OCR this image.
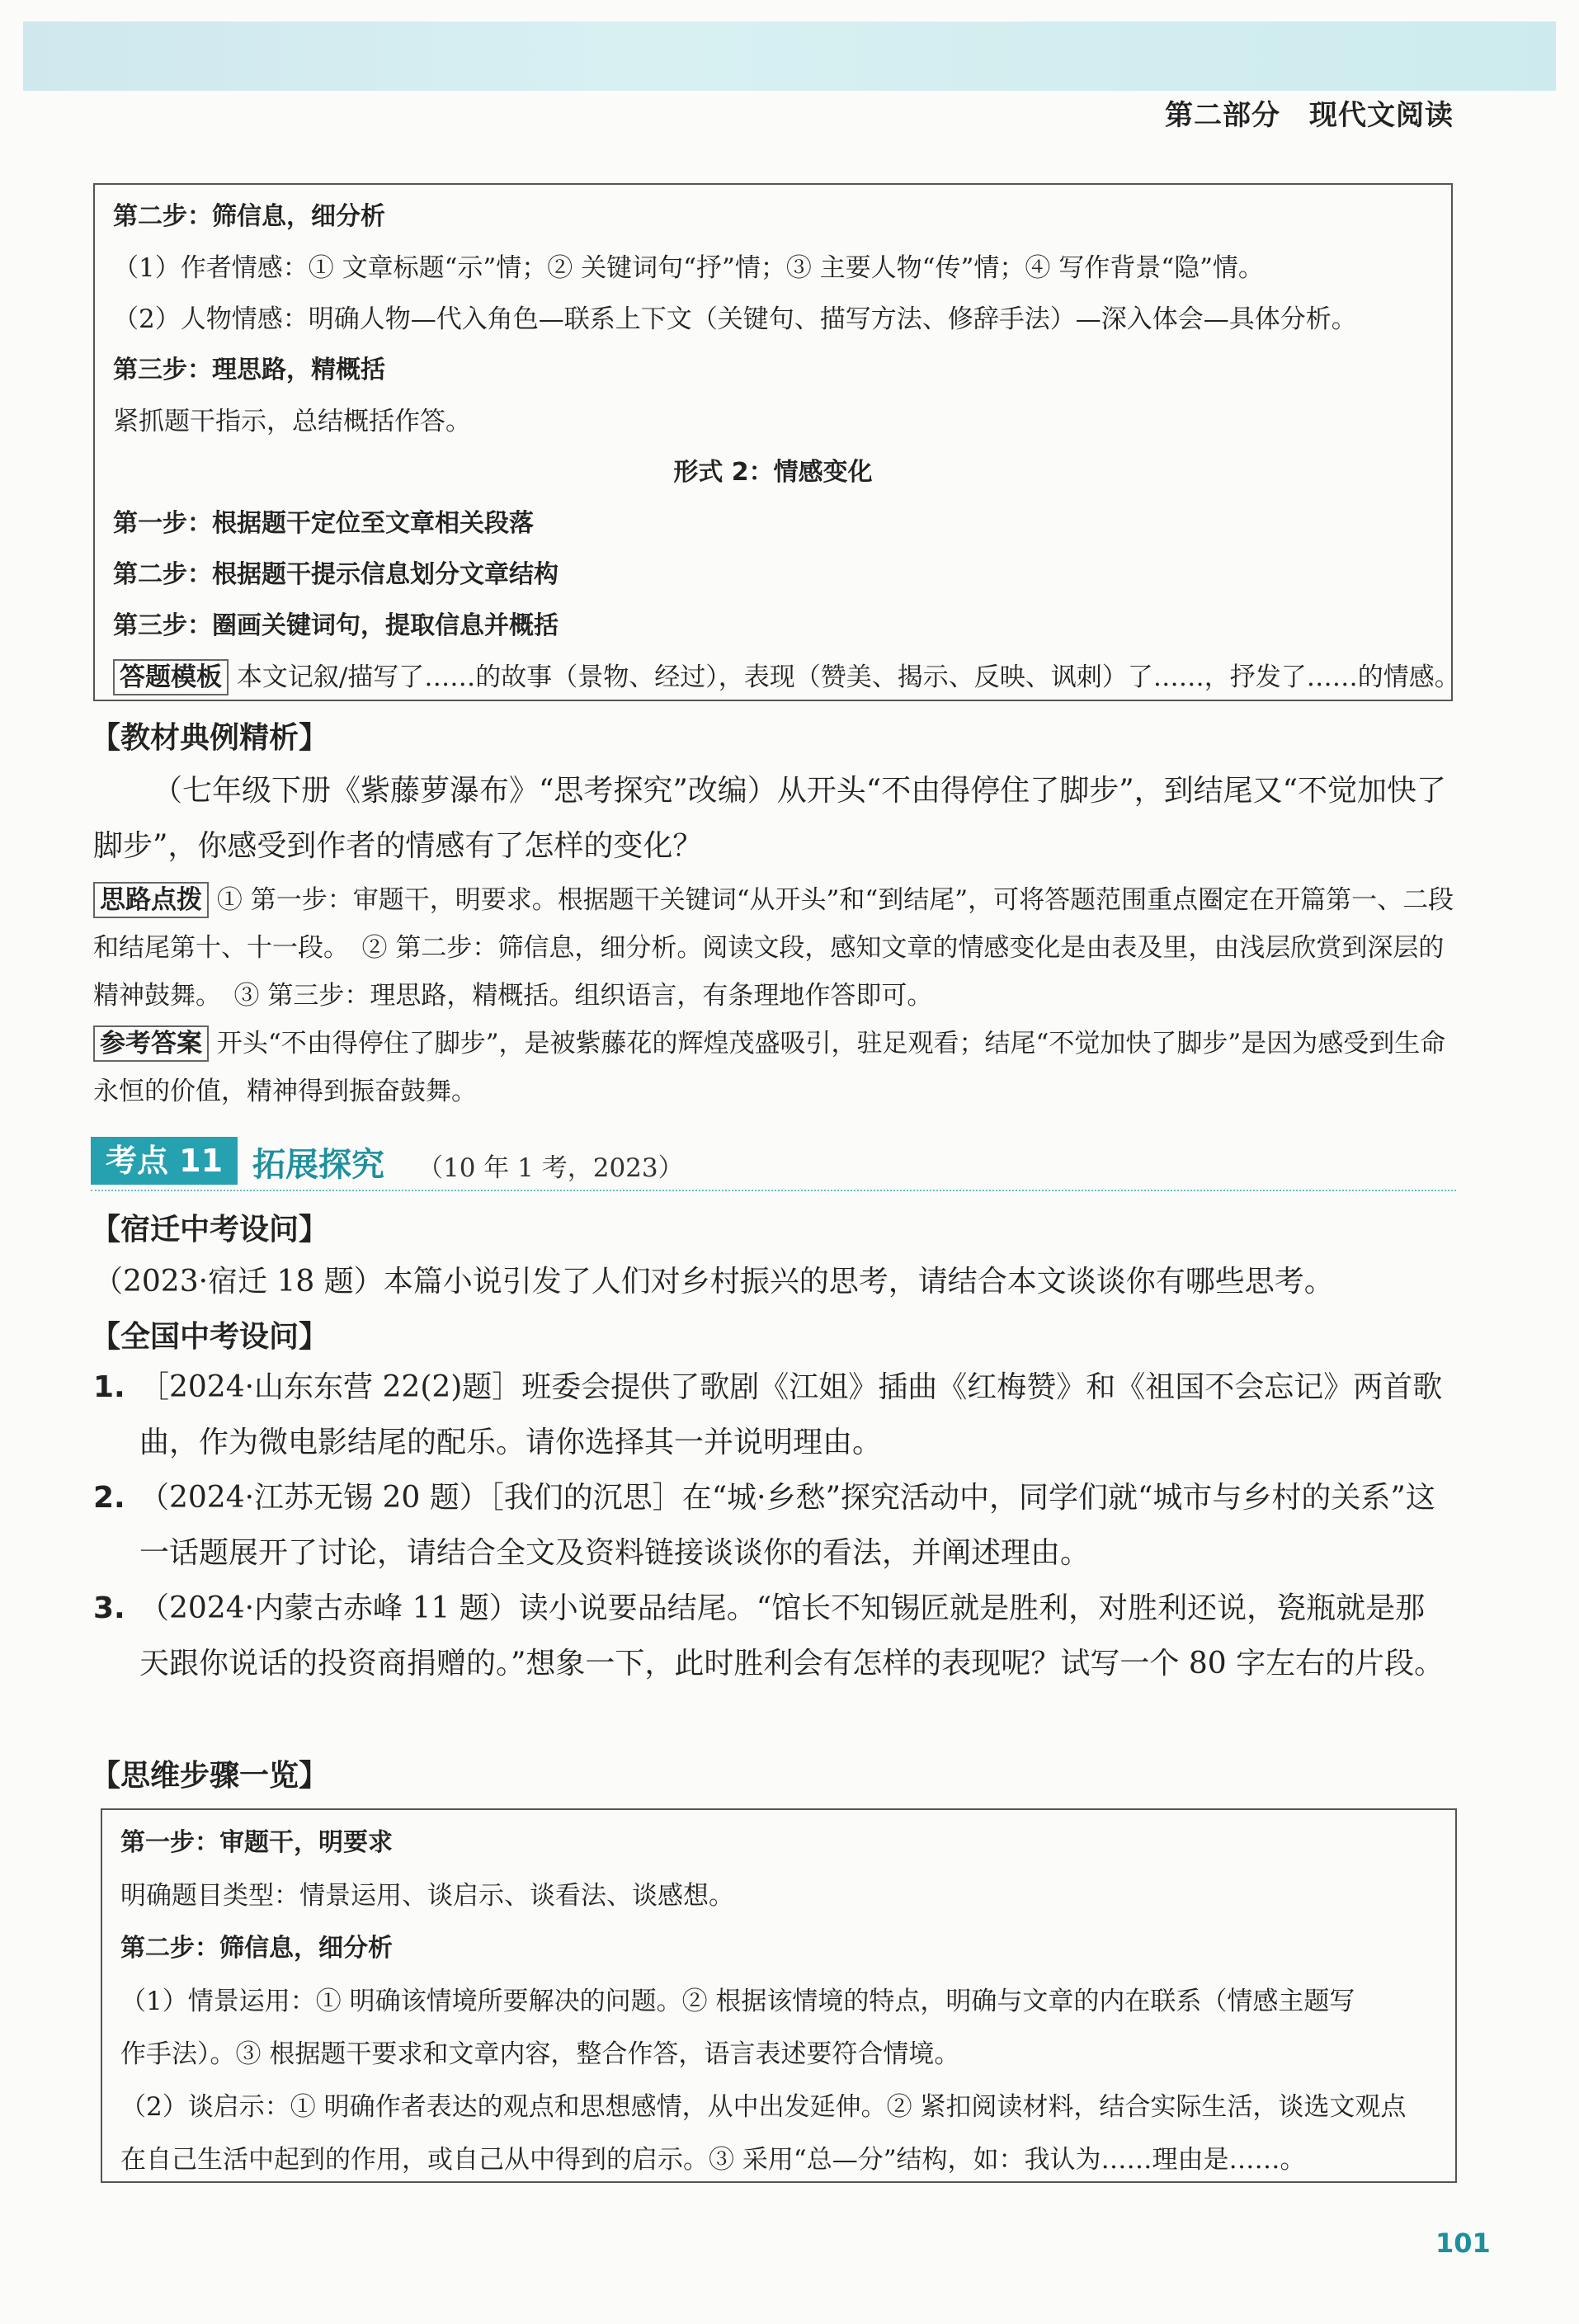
第二部分　现代文阅读
第二步：筛信息，细分析
（1）作者情感：① 文章标题“示”情；② 关键词句“抒”情；③ 主要人物“传”情；④ 写作背景“隐”情。
（2）人物情感：明确人物—代入角色—联系上下文（关键句、描写方法、修辞手法）—深入体会—具体分析。
第三步：理思路，精概括
紧抓题干指示，总结概括作答。
形式 2：情感变化
第一步：根据题干定位至文章相关段落
第二步：根据题干提示信息划分文章结构
第三步：圈画关键词句，提取信息并概括
答题模板 本文记叙/描写了……的故事（景物、经过），表现（赞美、揭示、反映、讽刺）了……，抒发了……的情感。
【教材典例精析】
（七年级下册《紫藤萝瀑布》“思考探究”改编）从开头“不由得停住了脚步”，到结尾又“不觉加快了脚步”，你感受到作者的情感有了怎样的变化？
思路点拨 ① 第一步：审题干，明要求。根据题干关键词“从开头”和“到结尾”，可将答题范围重点圈定在开篇第一、二段和结尾第十、十一段。　② 第二步：筛信息，细分析。阅读文段，感知文章的情感变化是由表及里，由浅层欣赏到深层的精神鼓舞。　③ 第三步：理思路，精概括。组织语言，有条理地作答即可。
参考答案 开头“不由得停住了脚步”，是被紫藤花的辉煌茂盛吸引，驻足观看；结尾“不觉加快了脚步”是因为感受到生命永恒的价值，精神得到振奋鼓舞。
考点 11 拓展探究 （10 年 1 考，2023）
【宿迁中考设问】
（2023·宿迁 18 题）本篇小说引发了人们对乡村振兴的思考，请结合本文谈谈你有哪些思考。
【全国中考设问】
1. ［2024·山东东营 22(2)题］班委会提供了歌剧《江姐》插曲《红梅赞》和《祖国不会忘记》两首歌曲，作为微电影结尾的配乐。请你选择其一并说明理由。
2. （2024·江苏无锡 20 题）［我们的沉思］在“城·乡愁”探究活动中，同学们就“城市与乡村的关系”这一话题展开了讨论，请结合全文及资料链接谈谈你的看法，并阐述理由。
3. （2024·内蒙古赤峰 11 题）读小说要品结尾。“馆长不知锡匠就是胜利，对胜利还说，瓷瓶就是那天跟你说话的投资商捐赠的。”想象一下，此时胜利会有怎样的表现呢？试写一个 80 字左右的片段。
【思维步骤一览】
第一步：审题干，明要求
明确题目类型：情景运用、谈启示、谈看法、谈感想。
第二步：筛信息，细分析
（1）情景运用：① 明确该情境所要解决的问题。② 根据该情境的特点，明确与文章的内在联系（情感主题写
作手法）。③ 根据题干要求和文章内容，整合作答，语言表述要符合情境。
（2）谈启示：① 明确作者表达的观点和思想感情，从中出发延伸。② 紧扣阅读材料，结合实际生活，谈选文观点
在自己生活中起到的作用，或自己从中得到的启示。③ 采用“总—分”结构，如：我认为……理由是……。
101
